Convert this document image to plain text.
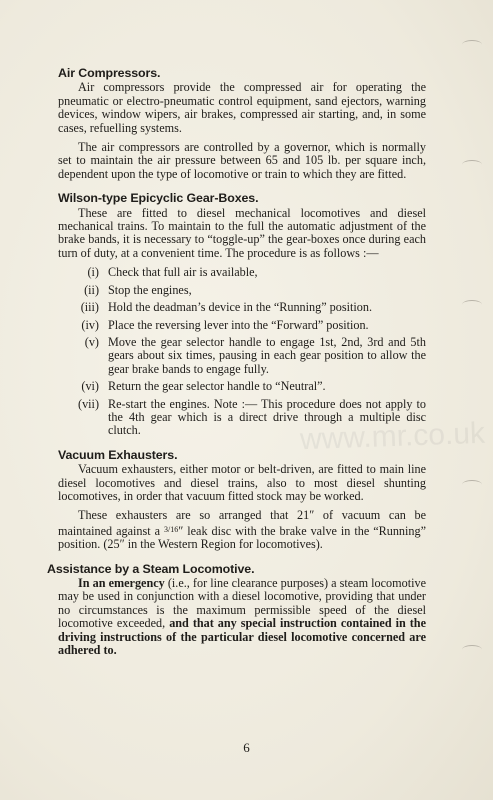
www.mr.co.uk
Air Compressors.

Air compressors provide the compressed air for operating the pneumatic or electro-pneumatic control equipment, sand ejectors, warning devices, window wipers, air brakes, compressed air starting, and, in some cases, refuelling systems.

The air compressors are controlled by a governor, which is normally set to maintain the air pressure between 65 and 105 lb. per square inch, dependent upon the type of locomotive or train to which they are fitted.

Wilson-type Epicyclic Gear-Boxes.

These are fitted to diesel mechanical locomotives and diesel mechanical trains. To maintain to the full the automatic adjustment of the brake bands, it is necessary to “toggle-up” the gear-boxes once during each turn of duty, at a convenient time. The procedure is as follows :—

(i) Check that full air is available,
(ii) Stop the engines,
(iii) Hold the deadman’s device in the “Running” position.
(iv) Place the reversing lever into the “Forward” position.
(v) Move the gear selector handle to engage 1st, 2nd, 3rd and 5th gears about six times, pausing in each gear position to allow the gear brake bands to engage fully.
(vi) Return the gear selector handle to “Neutral”.
(vii) Re-start the engines. Note :— This procedure does not apply to the 4th gear which is a direct drive through a multiple disc clutch.
Vacuum Exhausters.

Vacuum exhausters, either motor or belt-driven, are fitted to main line diesel locomotives and diesel trains, also to most diesel shunting locomotives, in order that vacuum fitted stock may be worked.

These exhausters are so arranged that 21″ of vacuum can be maintained against a $^{3/16}$″ leak disc with the brake valve in the “Running” position. (25″ in the Western Region for locomotives).

Assistance by a Steam Locomotive.

In an emergency (i.e., for line clearance purposes) a steam locomotive may be used in conjunction with a diesel locomotive, providing that under no circumstances is the maximum permissible speed of the diesel locomotive exceeded, and that any special instruction contained in the driving instructions of the particular diesel locomotive concerned are adhered to.

6
